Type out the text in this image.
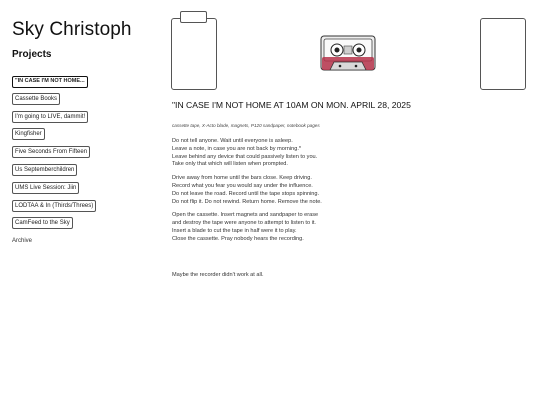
Sky Christoph
Projects
"IN CASE I'M NOT HOME...
Cassette Books
I'm going to LIVE, dammit!
Kingfisher
Five Seconds From Fifteen
Us Septemberchildren
UMS Live Session: Jiin
LODTAA & In (Thirds/Threes)
CamFeed to the Sky
Archive
"IN CASE I'M NOT HOME AT 10AM ON MON. APRIL 28, 2025
cassette tape, X-Acto blade, magnets, P120 sandpaper, notebook pages

Do not tell anyone. Wait until everyone is asleep.
Leave a note, in case you are not back by morning.*
Leave behind any device that could passively listen to you.
Take only that which will listen when prompted.

Drive away from home until the bars close. Keep driving.
Record what you fear you would say under the influence.
Do not leave the road. Record until the tape stops spinning.
Do not flip it. Do not rewind. Return home. Remove the note.

Open the cassette. Insert magnets and sandpaper to erase
and destroy the tape were anyone to attempt to listen to it.
Insert a blade to cut the tape in half were it to play.
Close the cassette. Pray nobody hears the recording.

Maybe the recorder didn't work at all.
